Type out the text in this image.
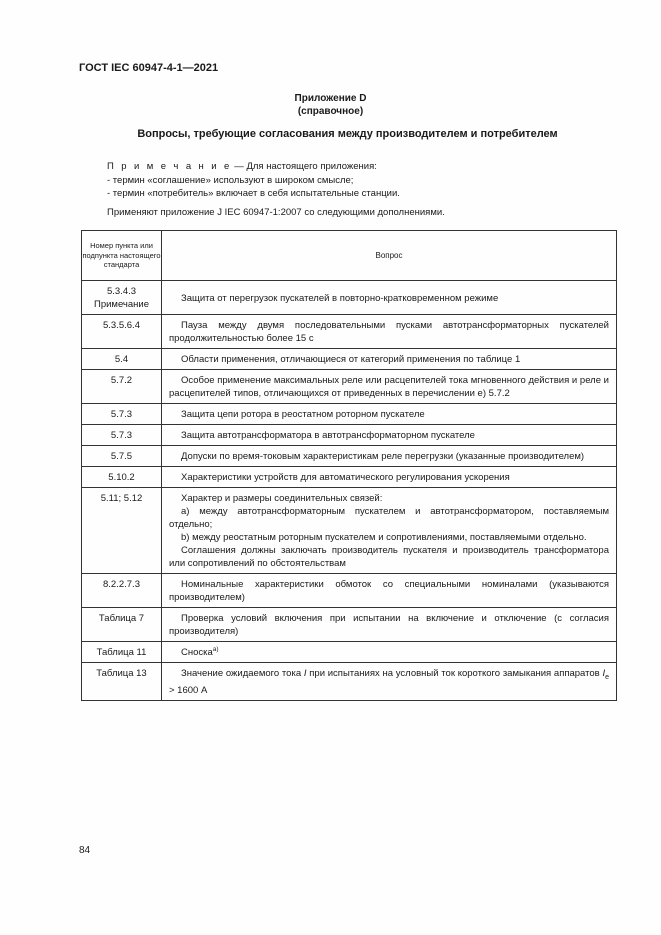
ГОСТ IEC 60947-4-1—2021
Приложение D
(справочное)
Вопросы, требующие согласования между производителем и потребителем
П р и м е ч а н и е — Для настоящего приложения:
- термин «соглашение» используют в широком смысле;
- термин «потребитель» включает в себя испытательные станции.
Применяют приложение J IEC 60947-1:2007 со следующими дополнениями.
Номер пункта или подпункта настоящего стандарта	Вопрос

5.3.4.3
Примечание	Защита от перегрузок пускателей в повторно-кратковременном режиме
5.3.5.6.4	Пауза между двумя последовательными пусками автотрансформаторных пускателей продолжительностью более 15 с
5.4	Области применения, отличающиеся от категорий применения по таблице 1
5.7.2	Особое применение максимальных реле или расцепителей тока мгновенного действия и реле и расцепителей типов, отличающихся от приведенных в перечислении е) 5.7.2
5.7.3	Защита цепи ротора в реостатном роторном пускателе
5.7.3	Защита автотрансформатора в автотрансформаторном пускателе
5.7.5	Допуски по время-токовым характеристикам реле перегрузки (указанные производителем)
5.10.2	Характеристики устройств для автоматического регулирования ускорения
5.11; 5.12	Характер и размеры соединительных связей:
а) между автотрансформаторным пускателем и автотрансформатором, поставляемым отдельно;
b) между реостатным роторным пускателем и сопротивлениями, поставляемыми отдельно.
Соглашения должны заключать производитель пускателя и производитель трансформатора или сопротивлений по обстоятельствам

8.2.2.7.3	Номинальные характеристики обмоток со специальными номиналами (указываются производителем)
Таблица 7	Проверка условий включения при испытании на включение и отключение (с согласия производителя)
Таблица 11	Сноска$^{a)}$
Таблица 13	Значение ожидаемого тока I при испытаниях на условный ток короткого замыкания аппаратов $I_e > 1600$ А
84
